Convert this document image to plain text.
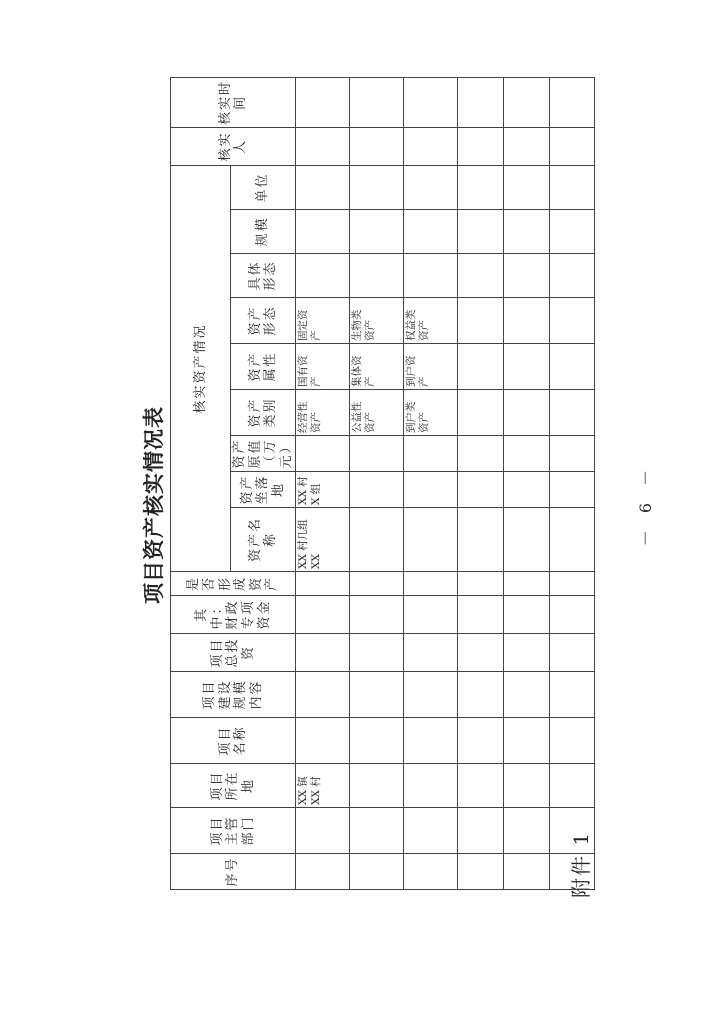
附件 1
项目资产核实情况表
序号	项目主管部门	项目所在地	项目名称	项目建设规模内容	项目总投资	其中：财政专项资金	是否形成资产	核实资产情况									核实人	核实时间
								资产名称	资产坐落地	资产原值（万元）	资产类别	资产属性	资产形态	具体形态	规模	单位		
		XX 镇 XX 村						XX 村几组 XX	XX 村 X 组		经营性资产	国有资产	固定资产					
											公益性资产	集体资产	生物类资产					
											到户类资产	到户资产	权益类资产					

－ 6 －
